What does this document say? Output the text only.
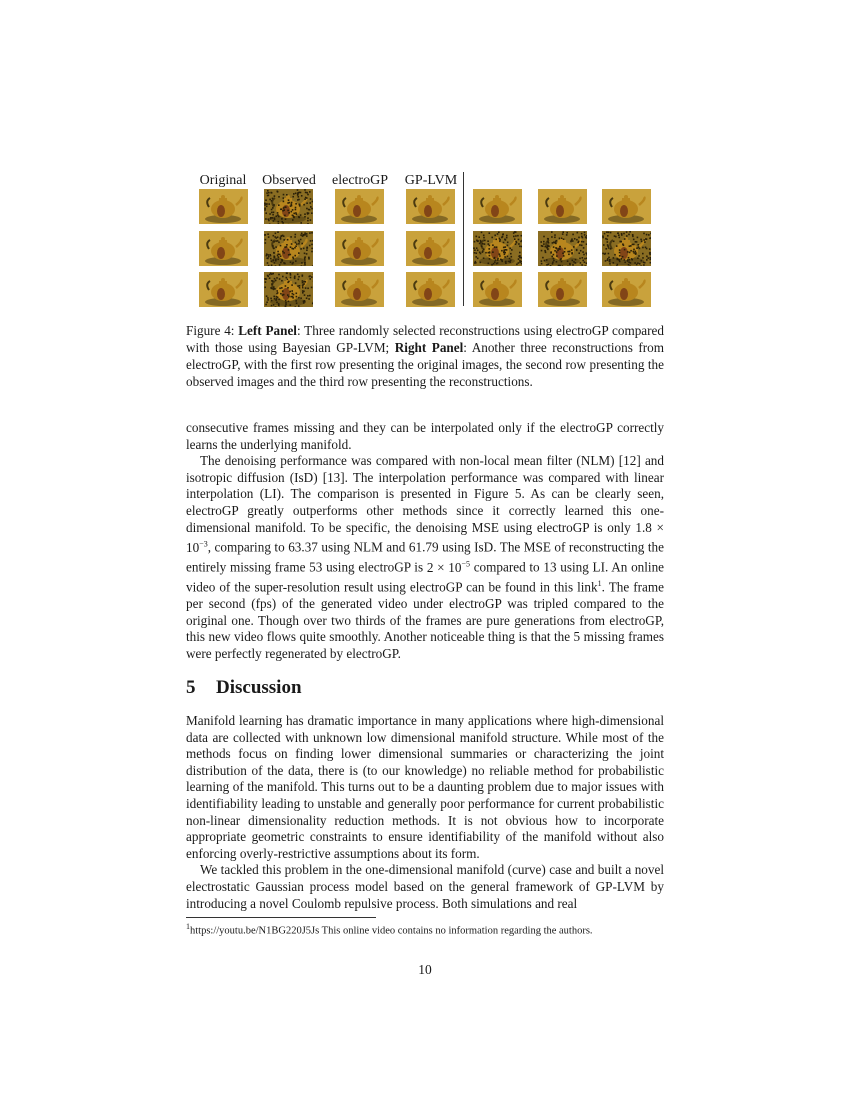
Original	Observed	electroGP	GP-LVM
Figure 4: Left Panel: Three randomly selected reconstructions using electroGP compared with those using Bayesian GP-LVM; Right Panel: Another three reconstructions from electroGP, with the first row presenting the original images, the second row presenting the observed images and the third row presenting the reconstructions.

consecutive frames missing and they can be interpolated only if the electroGP correctly learns the underlying manifold.

The denoising performance was compared with non-local mean filter (NLM) [12] and isotropic diffusion (IsD) [13]. The interpolation performance was compared with linear interpolation (LI). The comparison is presented in Figure 5. As can be clearly seen, electroGP greatly outperforms other methods since it correctly learned this one-dimensional manifold. To be specific, the denoising MSE using electroGP is only $1.8 \times 10^{-3}$, comparing to 63.37 using NLM and 61.79 using IsD. The MSE of reconstructing the entirely missing frame 53 using electroGP is $2 \times 10^{-5}$ compared to 13 using LI. An online video of the super-resolution result using electroGP can be found in this link$^1$. The frame per second (fps) of the generated video under electroGP was tripled compared to the original one. Though over two thirds of the frames are pure generations from electroGP, this new video flows quite smoothly. Another noticeable thing is that the 5 missing frames were perfectly regenerated by electroGP.

5 Discussion

Manifold learning has dramatic importance in many applications where high-dimensional data are collected with unknown low dimensional manifold structure. While most of the methods focus on finding lower dimensional summaries or characterizing the joint distribution of the data, there is (to our knowledge) no reliable method for probabilistic learning of the manifold. This turns out to be a daunting problem due to major issues with identifiability leading to unstable and generally poor performance for current probabilistic non-linear dimensionality reduction methods. It is not obvious how to incorporate appropriate geometric constraints to ensure identifiability of the manifold without also enforcing overly-restrictive assumptions about its form.

We tackled this problem in the one-dimensional manifold (curve) case and built a novel electrostatic Gaussian process model based on the general framework of GP-LVM by introducing a novel Coulomb repulsive process. Both simulations and real

$^1$https://youtu.be/N1BG220J5Js This online video contains no information regarding the authors.
10
